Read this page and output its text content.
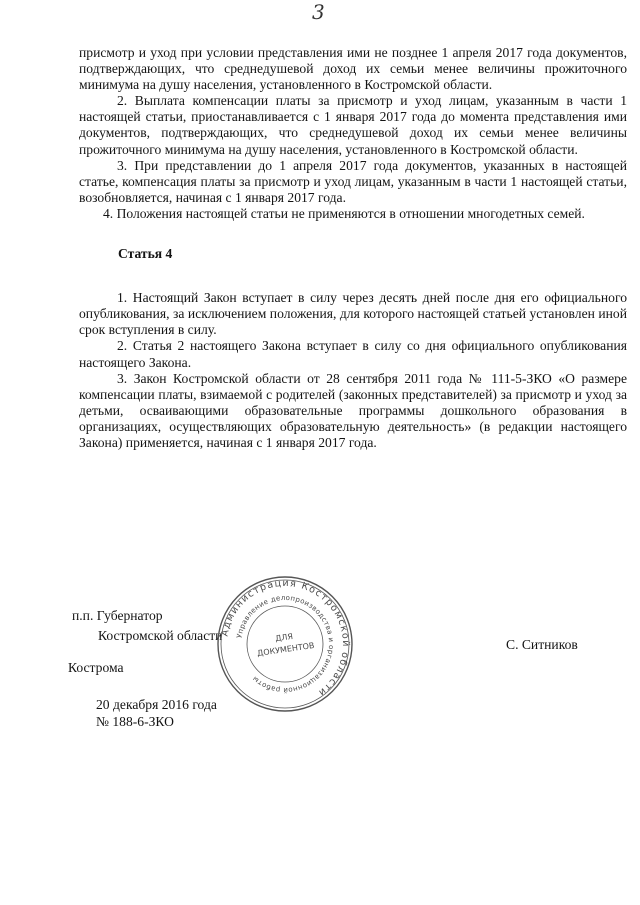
3

присмотр и уход при условии представления ими не позднее 1 апреля 2017 года документов, подтверждающих, что среднедушевой доход их семьи менее величины прожиточного минимума на душу населения, установленного в Костромской области.

2. Выплата компенсации платы за присмотр и уход лицам, указанным в части 1 настоящей статьи, приостанавливается с 1 января 2017 года до момента представления ими документов, подтверждающих, что среднедушевой доход их семьи менее величины прожиточного минимума на душу населения, установленного в Костромской области.

3. При представлении до 1 апреля 2017 года документов, указанных в настоящей статье, компенсация платы за присмотр и уход лицам, указанным в части 1 настоящей статьи, возобновляется, начиная с 1 января 2017 года.

4. Положения настоящей статьи не применяются в отношении многодетных семей.

Статья 4

1. Настоящий Закон вступает в силу через десять дней после дня его официального опубликования, за исключением положения, для которого настоящей статьей установлен иной срок вступления в силу.

2. Статья 2 настоящего Закона вступает в силу со дня официального опубликования настоящего Закона.

3. Закон Костромской области от 28 сентября 2011 года № 111-5-ЗКО «О размере компенсации платы, взимаемой с родителей (законных представителей) за присмотр и уход за детьми, осваивающими образовательные программы дошкольного образования в организациях, осуществляющих образовательную деятельность» (в редакции настоящего Закона) применяется, начиная с 1 января 2017 года.

п.п. Губернатор
Костромской области
С. Ситников
Кострома
20 декабря 2016 года
№ 188-6-ЗКО
Администрация Костромской области
Управление делопроизводства и организационной работы
ДЛЯ
ДОКУМЕНТОВ
